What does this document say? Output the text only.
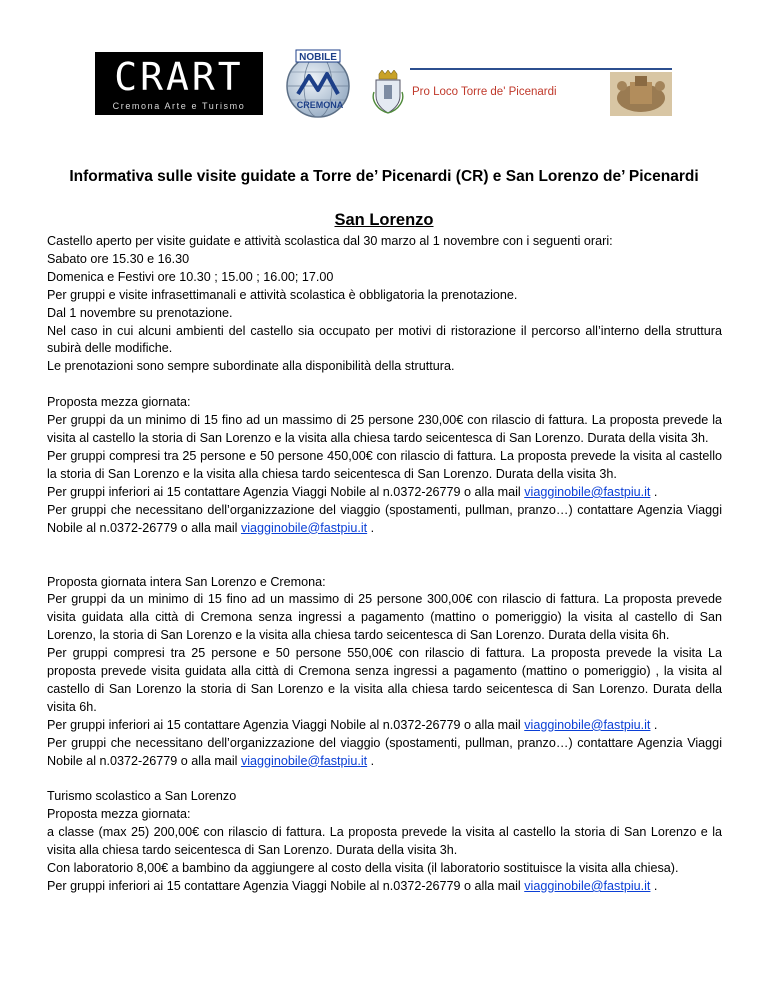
CRART
Cremona Arte e Turismo
NOBILE
CREMONA
Pro Loco Torre de' Picenardi
Informativa sulle visite guidate a Torre de’ Picenardi (CR) e San Lorenzo de’ Picenardi
San Lorenzo

Castello aperto per visite guidate e attività scolastica dal 30 marzo al 1 novembre con i seguenti orari:

Sabato ore 15.30 e 16.30

Domenica e Festivi ore 10.30 ; 15.00 ; 16.00; 17.00

Per gruppi e visite infrasettimanali e attività scolastica è obbligatoria la prenotazione.

Dal 1 novembre su prenotazione.

Nel caso in cui alcuni ambienti del castello sia occupato per motivi di ristorazione il percorso all’interno della struttura subirà delle modifiche.

Le prenotazioni sono sempre subordinate alla disponibilità della struttura.

Proposta mezza giornata:

Per gruppi da un minimo di 15 fino ad un massimo di 25 persone 230,00€ con rilascio di fattura. La proposta prevede la visita al castello la storia di San Lorenzo e la visita alla chiesa tardo seicentesca di San Lorenzo. Durata della visita 3h.

Per gruppi compresi tra 25 persone e 50 persone 450,00€ con rilascio di fattura. La proposta prevede la visita al castello la storia di San Lorenzo e la visita alla chiesa tardo seicentesca di San Lorenzo. Durata della visita 3h.

Per gruppi inferiori ai 15 contattare Agenzia Viaggi Nobile al n.0372-26779 o alla mail viagginobile@fastpiu.it .

Per gruppi che necessitano dell’organizzazione del viaggio (spostamenti, pullman, pranzo…) contattare Agenzia Viaggi Nobile al n.0372-26779 o alla mail viagginobile@fastpiu.it .

Proposta giornata intera San Lorenzo e Cremona:

Per gruppi da un minimo di 15 fino ad un massimo di 25 persone 300,00€ con rilascio di fattura. La proposta prevede visita guidata alla città di Cremona senza ingressi a pagamento (mattino o pomeriggio) la visita al castello di San Lorenzo, la storia di San Lorenzo e la visita alla chiesa tardo seicentesca di San Lorenzo. Durata della visita 6h.

Per gruppi compresi tra 25 persone e 50 persone 550,00€ con rilascio di fattura. La proposta prevede la visita La proposta prevede visita guidata alla città di Cremona senza ingressi a pagamento (mattino o pomeriggio) , la visita al castello di San Lorenzo la storia di San Lorenzo e la visita alla chiesa tardo seicentesca di San Lorenzo. Durata della visita 6h.

Per gruppi inferiori ai 15 contattare Agenzia Viaggi Nobile al n.0372-26779 o alla mail viagginobile@fastpiu.it .

Per gruppi che necessitano dell’organizzazione del viaggio (spostamenti, pullman, pranzo…) contattare Agenzia Viaggi Nobile al n.0372-26779 o alla mail viagginobile@fastpiu.it .

Turismo scolastico a San Lorenzo

Proposta mezza giornata:

a classe (max 25) 200,00€ con rilascio di fattura. La proposta prevede la visita al castello la storia di San Lorenzo e la visita alla chiesa tardo seicentesca di San Lorenzo. Durata della visita 3h.

Con laboratorio 8,00€ a bambino da aggiungere al costo della visita (il laboratorio sostituisce la visita alla chiesa).

Per gruppi inferiori ai 15 contattare Agenzia Viaggi Nobile al n.0372-26779 o alla mail viagginobile@fastpiu.it .
